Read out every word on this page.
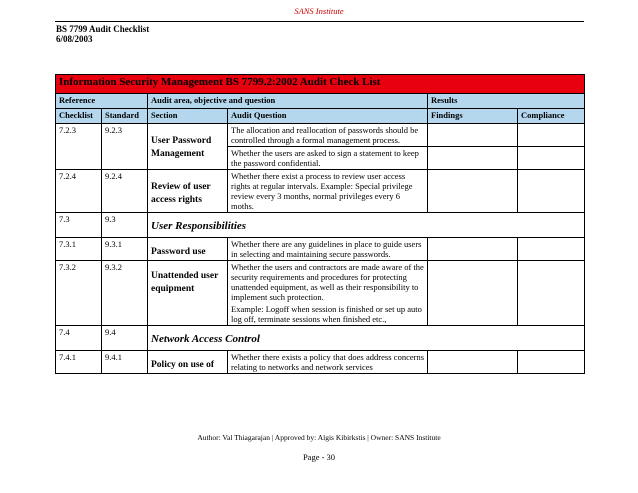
SANS Institute
BS 7799 Audit Checklist
6/08/2003
Information Security Management BS 7799.2:2002 Audit Check List					
Reference		Audit area, objective and question		Results	
Checklist	Standard	Section	Audit Question	Findings	Compliance
7.2.3	9.2.3	User Password Management	The allocation and reallocation of passwords should be controlled through a formal management process.		
			Whether the users are asked to sign a statement to keep the password confidential.		
7.2.4	9.2.4	Review of user access rights	Whether there exist a process to review user access rights at regular intervals. Example: Special privilege review every 3 months, normal privileges every 6 moths.		
7.3	9.3	User Responsibilities			

7.3.1	9.3.1	Password use	Whether there are any guidelines in place to guide users in selecting and maintaining secure passwords.		
7.3.2	9.3.2	Unattended user equipment	Whether the users and contractors are made aware of the security requirements and procedures for protecting unattended equipment, as well as their responsibility to implement such protection.		
			Example: Logoff when session is finished or set up auto log off, terminate sessions when finished etc.,		
7.4	9.4	Network Access Control			

7.4.1	9.4.1	Policy on use of	Whether there exists a policy that does address concerns relating to networks and network services		
Author: Val Thiagarajan | Approved by: Algis Kibirkstis | Owner: SANS Institute
Page - 30
